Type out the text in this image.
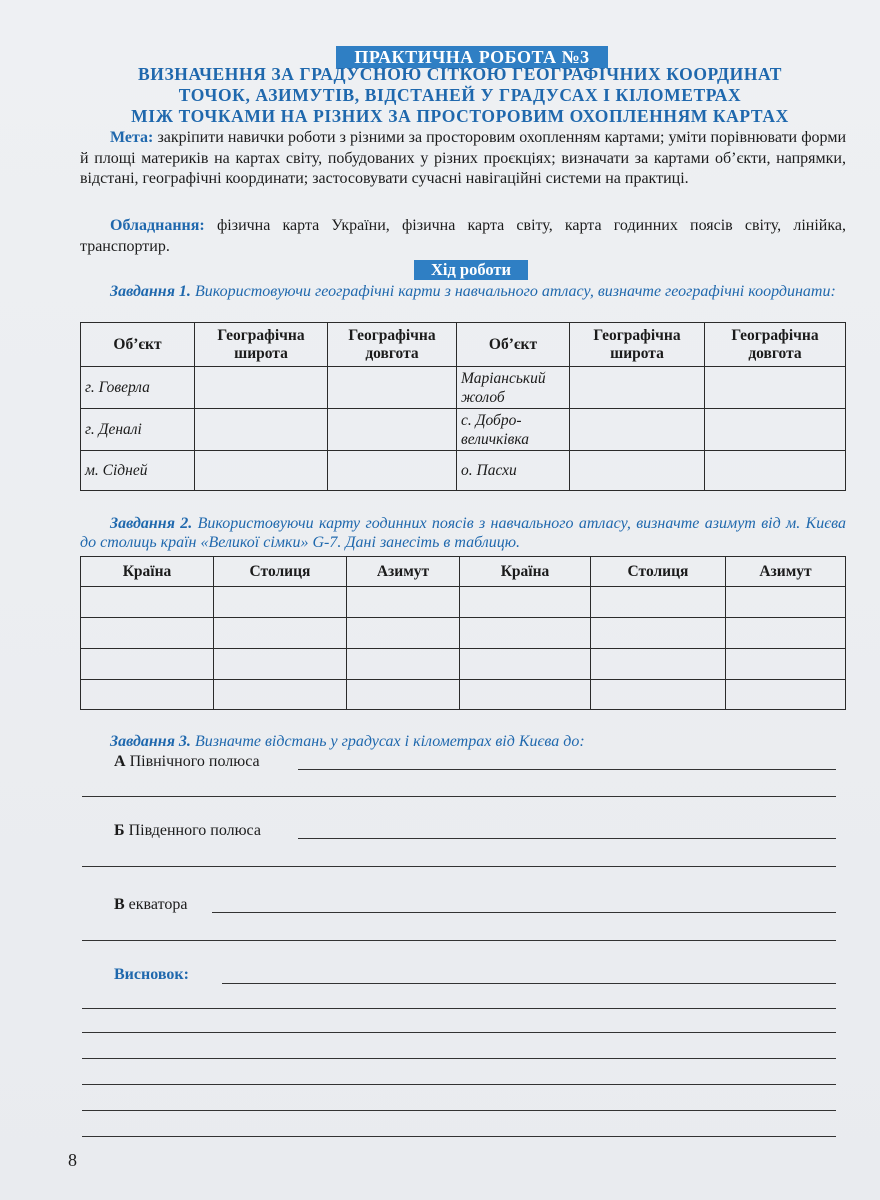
ПРАКТИЧНА РОБОТА №3
ВИЗНАЧЕННЯ ЗА ГРАДУСНОЮ СІТКОЮ ГЕОГРАФІЧНИХ КООРДИНАТ
ТОЧОК, АЗИМУТІВ, ВІДСТАНЕЙ У ГРАДУСАХ І КІЛОМЕТРАХ
МІЖ ТОЧКАМИ НА РІЗНИХ ЗА ПРОСТОРОВИМ ОХОПЛЕННЯМ КАРТАХ
Мета: закріпити навички роботи з різними за просторовим охопленням картами; уміти порівнювати форми й площі материків на картах світу, побудованих у різних проєкціях; визначати за картами об’єкти, напрямки, відстані, географічні координати; застосовувати сучасні навігаційні системи на практиці.
Обладнання: фізична карта України, фізична карта світу, карта годинних поясів світу, лінійка, транспортир.
Хід роботи
Завдання 1. Використовуючи географічні карти з навчального атласу, визначте географічні координати:
Об’єкт	Географічна широта	Географічна довгота	Об’єкт	Географічна широта	Географічна довгота
г. Говерла			Маріанський жолоб		
г. Деналі			с. Добро-величківка		
м. Сідней			о. Пасхи		
Завдання 2. Використовуючи карту годинних поясів з навчального атласу, визначте азимут від м. Києва до столиць країн «Великої сімки» G-7. Дані занесіть в таблицю.
Країна	Столиця	Азимут	Країна	Столиця	Азимут

Завдання 3. Визначте відстань у градусах і кілометрах від Києва до:
А Північного полюса
Б Південного полюса
В екватора
Висновок:
8
